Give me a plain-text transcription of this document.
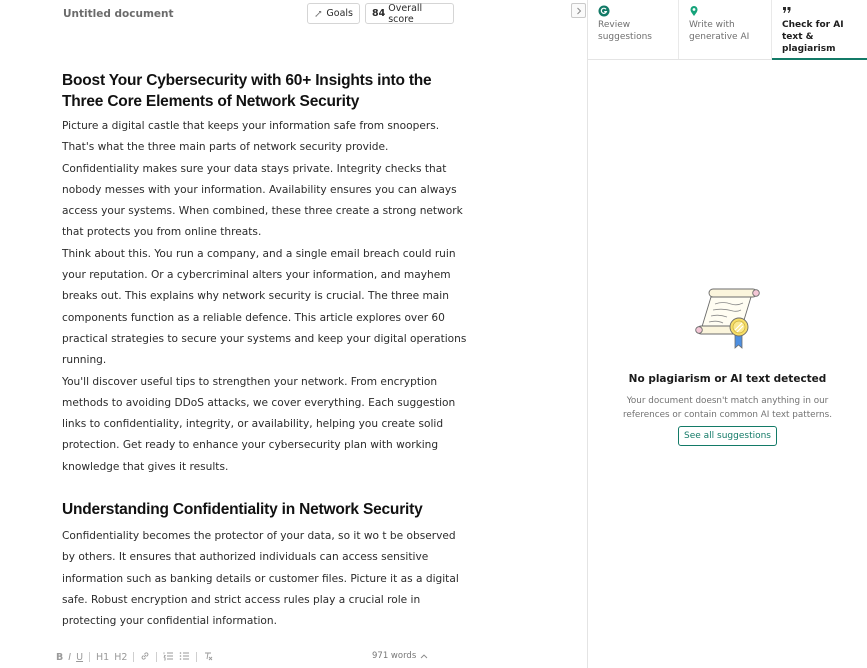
Untitled document	Goals 84 Overall score
Boost Your Cybersecurity with 60+ Insights into the Three Core Elements of Network Security

Picture a digital castle that keeps your information safe from snoopers. That's what the three main parts of network security provide. Confidentiality makes sure your data stays private. Integrity checks that nobody messes with your information. Availability ensures you can always access your systems. When combined, these three create a strong network that protects you from online threats.

Think about this. You run a company, and a single email breach could ruin your reputation. Or a cybercriminal alters your information, and mayhem breaks out. This explains why network security is crucial. The three main components function as a reliable defence. This article explores over 60 practical strategies to secure your systems and keep your digital operations running.

You'll discover useful tips to strengthen your network. From encryption methods to avoiding DDoS attacks, we cover everything. Each suggestion links to confidentiality, integrity, or availability, helping you create solid protection. Get ready to enhance your cybersecurity plan with working knowledge that gives it results.

Understanding Confidentiality in Network Security

Confidentiality becomes the protector of your data, so it wo t be observed by others. It ensures that authorized individuals can access sensitive information such as banking details or customer files. Picture it as a digital safe. Robust encryption and strict access rules play a crucial role in protecting your confidential information.

B I U H1 H2	971 words
Review suggestions
Write with generative AI
Check for AI text & plagiarism
No plagiarism or AI text detected
Your document doesn't match anything in our references or contain common AI text patterns.
See all suggestions
